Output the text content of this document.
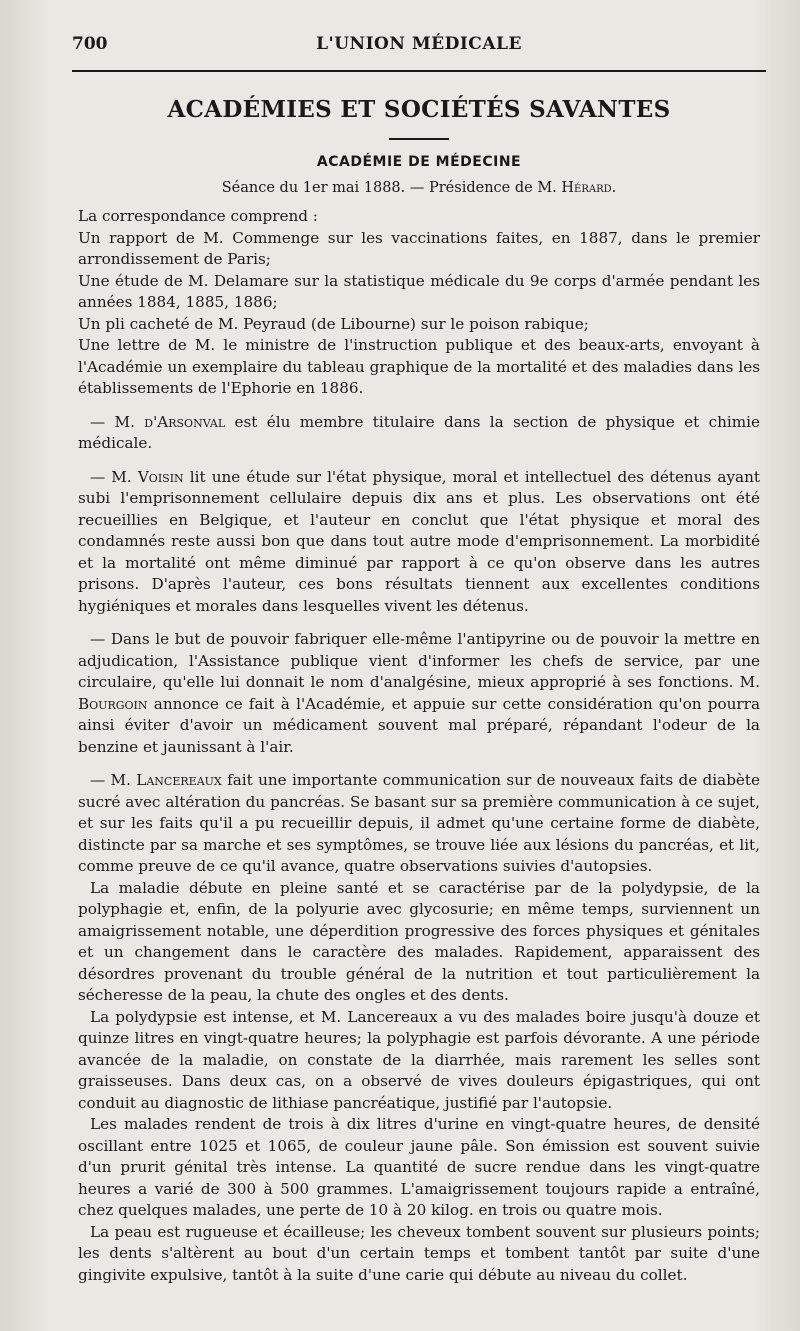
700	L'UNION MÉDICALE
ACADÉMIES ET SOCIÉTÉS SAVANTES
ACADÉMIE DE MÉDECINE
Séance du 1er mai 1888. — Présidence de M. Hérard.

La correspondance comprend :

Un rapport de M. Commenge sur les vaccinations faites, en 1887, dans le premier arrondissement de Paris;

Une étude de M. Delamare sur la statistique médicale du 9e corps d'armée pendant les années 1884, 1885, 1886;

Un pli cacheté de M. Peyraud (de Libourne) sur le poison rabique;

Une lettre de M. le ministre de l'instruction publique et des beaux-arts, envoyant à l'Académie un exemplaire du tableau graphique de la mortalité et des maladies dans les établissements de l'Ephorie en 1886.

— M. d'Arsonval est élu membre titulaire dans la section de physique et chimie médicale.

— M. Voisin lit une étude sur l'état physique, moral et intellectuel des détenus ayant subi l'emprisonnement cellulaire depuis dix ans et plus. Les observations ont été recueillies en Belgique, et l'auteur en conclut que l'état physique et moral des condamnés reste aussi bon que dans tout autre mode d'emprisonnement. La morbidité et la mortalité ont même diminué par rapport à ce qu'on observe dans les autres prisons. D'après l'auteur, ces bons résultats tiennent aux excellentes conditions hygiéniques et morales dans lesquelles vivent les détenus.

— Dans le but de pouvoir fabriquer elle-même l'antipyrine ou de pouvoir la mettre en adjudication, l'Assistance publique vient d'informer les chefs de service, par une circulaire, qu'elle lui donnait le nom d'analgésine, mieux approprié à ses fonctions. M. Bourgoin annonce ce fait à l'Académie, et appuie sur cette considération qu'on pourra ainsi éviter d'avoir un médicament souvent mal préparé, répandant l'odeur de la benzine et jaunissant à l'air.

— M. Lancereaux fait une importante communication sur de nouveaux faits de diabète sucré avec altération du pancréas. Se basant sur sa première communication à ce sujet, et sur les faits qu'il a pu recueillir depuis, il admet qu'une certaine forme de diabète, distincte par sa marche et ses symptômes, se trouve liée aux lésions du pancréas, et lit, comme preuve de ce qu'il avance, quatre observations suivies d'autopsies.

La maladie débute en pleine santé et se caractérise par de la polydypsie, de la polyphagie et, enfin, de la polyurie avec glycosurie; en même temps, surviennent un amaigrissement notable, une déperdition progressive des forces physiques et génitales et un changement dans le caractère des malades. Rapidement, apparaissent des désordres provenant du trouble général de la nutrition et tout particulièrement la sécheresse de la peau, la chute des ongles et des dents.

La polydypsie est intense, et M. Lancereaux a vu des malades boire jusqu'à douze et quinze litres en vingt-quatre heures; la polyphagie est parfois dévorante. A une période avancée de la maladie, on constate de la diarrhée, mais rarement les selles sont graisseuses. Dans deux cas, on a observé de vives douleurs épigastriques, qui ont conduit au diagnostic de lithiase pancréatique, justifié par l'autopsie.

Les malades rendent de trois à dix litres d'urine en vingt-quatre heures, de densité oscillant entre 1025 et 1065, de couleur jaune pâle. Son émission est souvent suivie d'un prurit génital très intense. La quantité de sucre rendue dans les vingt-quatre heures a varié de 300 à 500 grammes. L'amaigrissement toujours rapide a entraîné, chez quelques malades, une perte de 10 à 20 kilog. en trois ou quatre mois.

La peau est rugueuse et écailleuse; les cheveux tombent souvent sur plusieurs points; les dents s'altèrent au bout d'un certain temps et tombent tantôt par suite d'une gingivite expulsive, tantôt à la suite d'une carie qui débute au niveau du collet.
